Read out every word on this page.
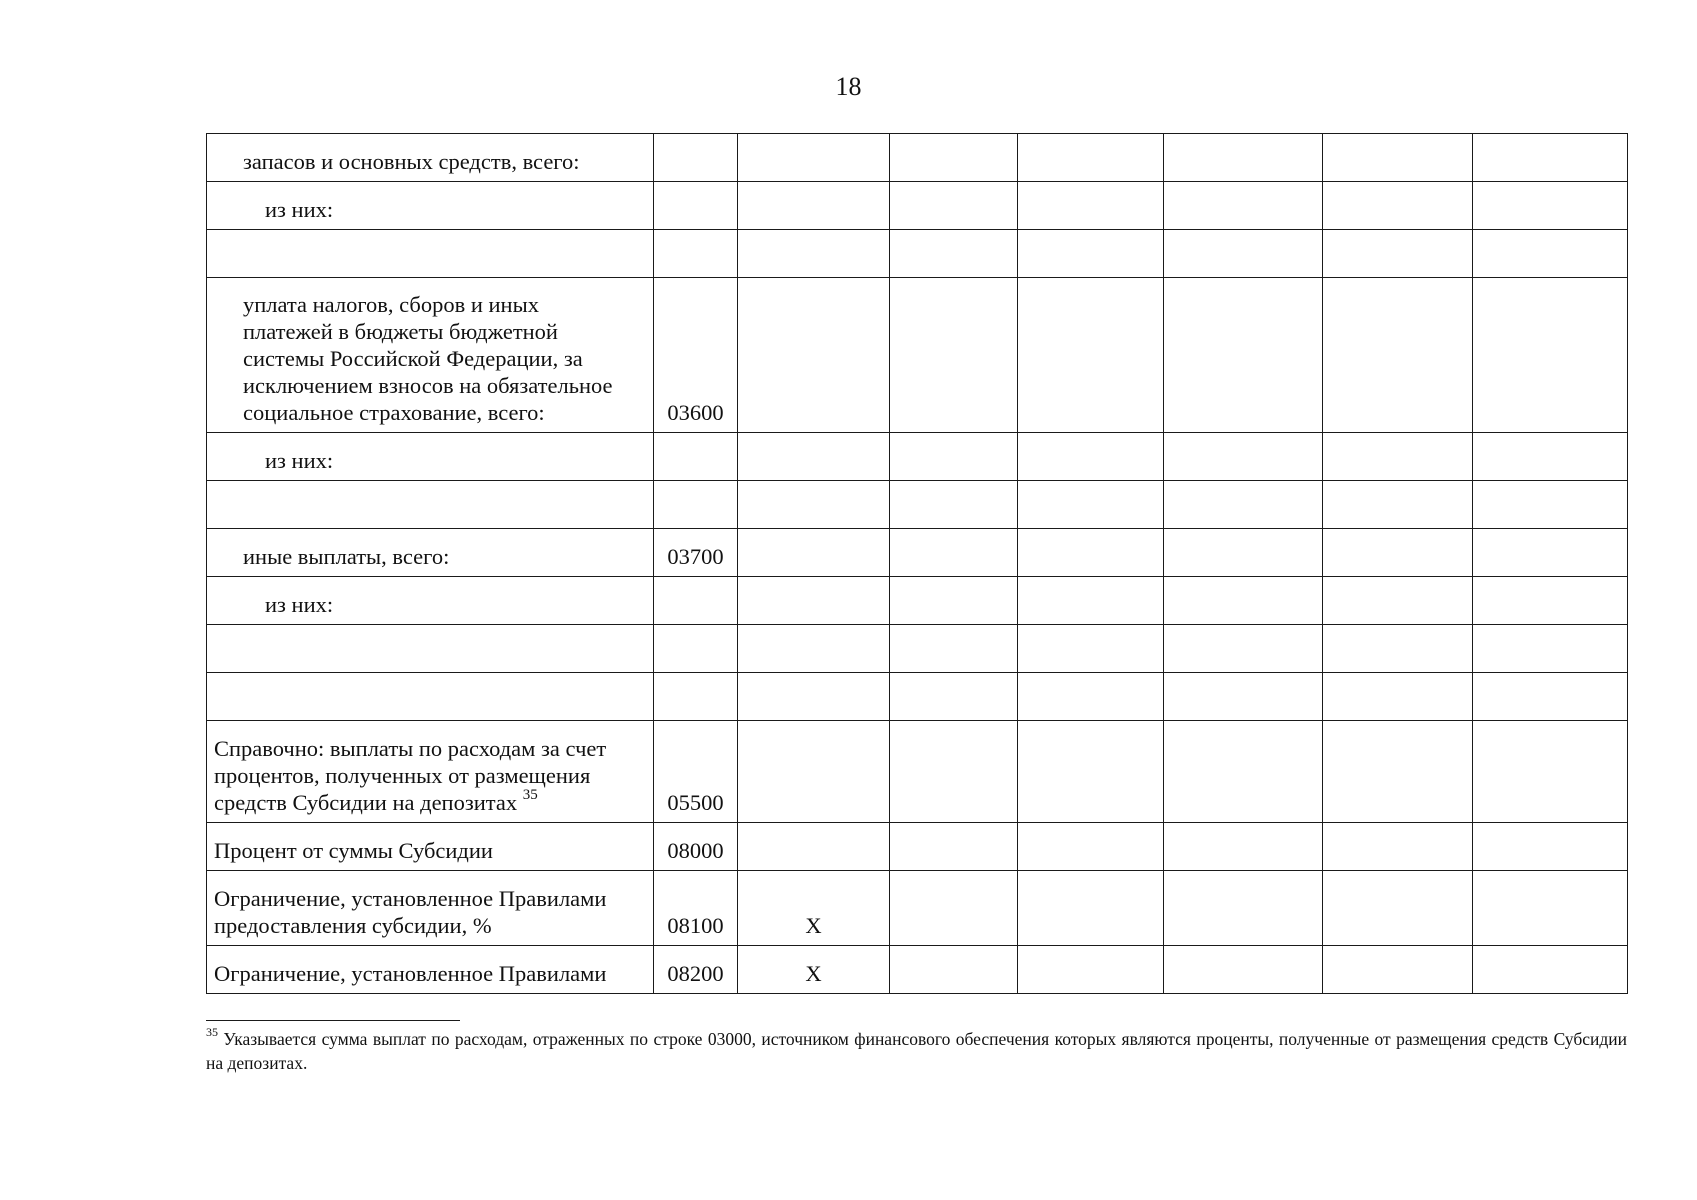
18
запасов и основных средств, всего:							
из них:							

уплата налогов, сборов и иных
платежей в бюджеты бюджетной
системы Российской Федерации, за
исключением взносов на обязательное
социальное страхование, всего:	03600						
из них:							

иные выплаты, всего:	03700						
из них:							

Справочно: выплаты по расходам за счет
процентов, полученных от размещения
средств Субсидии на депозитах $^{35}$	05500						
Процент от суммы Субсидии	08000						
Ограничение, установленное Правилами
предоставления субсидии, %	08100	X					
Ограничение, установленное Правилами	08200	X					
$^{35}$ Указывается сумма выплат по расходам, отраженных по строке 03000, источником финансового обеспечения которых являются проценты, полученные от размещения средств Субсидии на депозитах.
